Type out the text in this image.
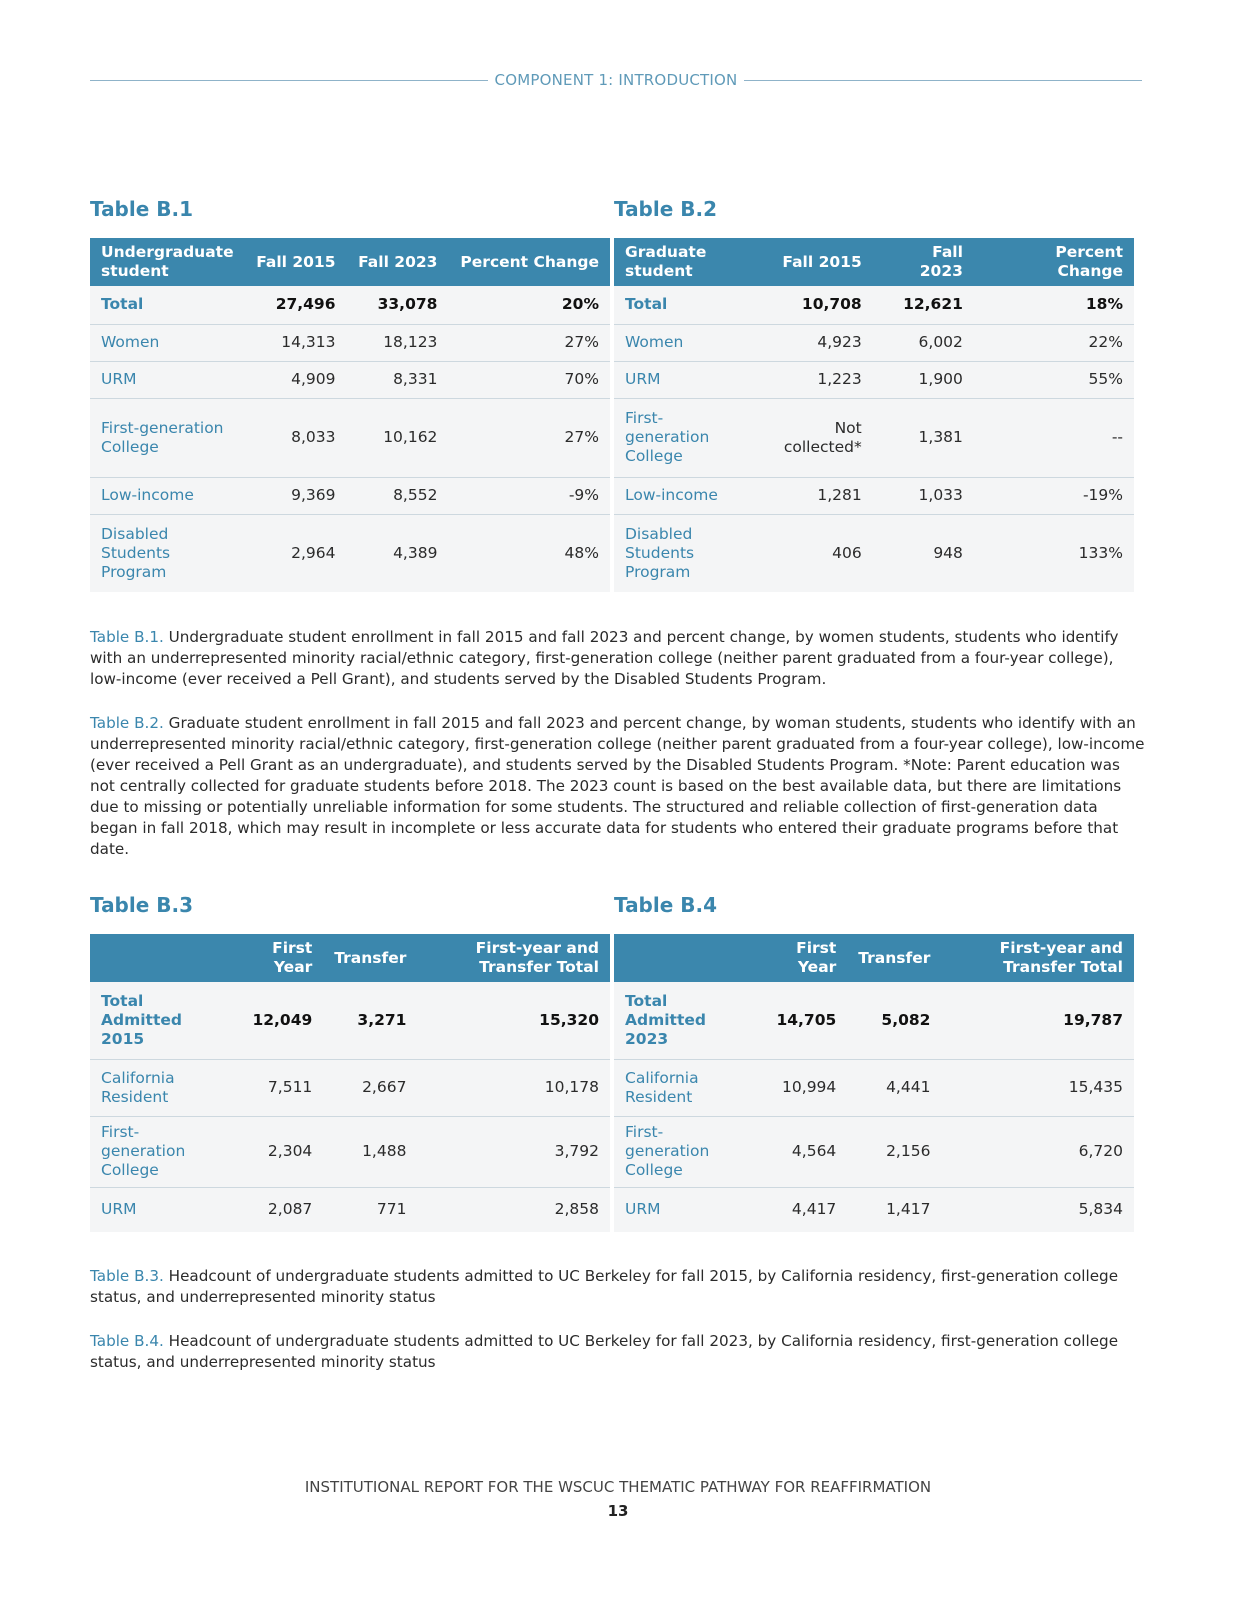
COMPONENT 1: INTRODUCTION
Table B.1
Undergraduate student	Fall 2015	Fall 2023	Percent Change
Total	27,496	33,078	20%
Women	14,313	18,123	27%
URM	4,909	8,331	70%
First-generation College	8,033	10,162	27%
Low-income	9,369	8,552	-9%
Disabled Students Program	2,964	4,389	48%
Table B.2
Graduate student	Fall 2015	Fall 2023	Percent Change
Total	10,708	12,621	18%
Women	4,923	6,002	22%
URM	1,223	1,900	55%
First-generation College	Not collected*	1,381	--
Low-income	1,281	1,033	-19%
Disabled Students Program	406	948	133%
Table B.1. Undergraduate student enrollment in fall 2015 and fall 2023 and percent change, by women students, students who identify with an underrepresented minority racial/ethnic category, first-generation college (neither parent graduated from a four-year college), low-income (ever received a Pell Grant), and students served by the Disabled Students Program.
Table B.2. Graduate student enrollment in fall 2015 and fall 2023 and percent change, by woman students, students who identify with an underrepresented minority racial/ethnic category, first-generation college (neither parent graduated from a four-year college), low-income (ever received a Pell Grant as an undergraduate), and students served by the Disabled Students Program. *Note: Parent education was not centrally collected for graduate students before 2018. The 2023 count is based on the best available data, but there are limitations due to missing or potentially unreliable information for some students. The structured and reliable collection of first-generation data began in fall 2018, which may result in incomplete or less accurate data for students who entered their graduate programs before that date.
Table B.3
	First Year	Transfer	First-year and Transfer Total
Total Admitted 2015	12,049	3,271	15,320
California Resident	7,511	2,667	10,178
First-generation College	2,304	1,488	3,792
URM	2,087	771	2,858
Table B.4
	First Year	Transfer	First-year and Transfer Total
Total Admitted 2023	14,705	5,082	19,787
California Resident	10,994	4,441	15,435
First-generation College	4,564	2,156	6,720
URM	4,417	1,417	5,834
Table B.3. Headcount of undergraduate students admitted to UC Berkeley for fall 2015, by California residency, first-generation college status, and underrepresented minority status
Table B.4. Headcount of undergraduate students admitted to UC Berkeley for fall 2023, by California residency, first-generation college status, and underrepresented minority status
INSTITUTIONAL REPORT FOR THE WSCUC THEMATIC PATHWAY FOR REAFFIRMATION
13
